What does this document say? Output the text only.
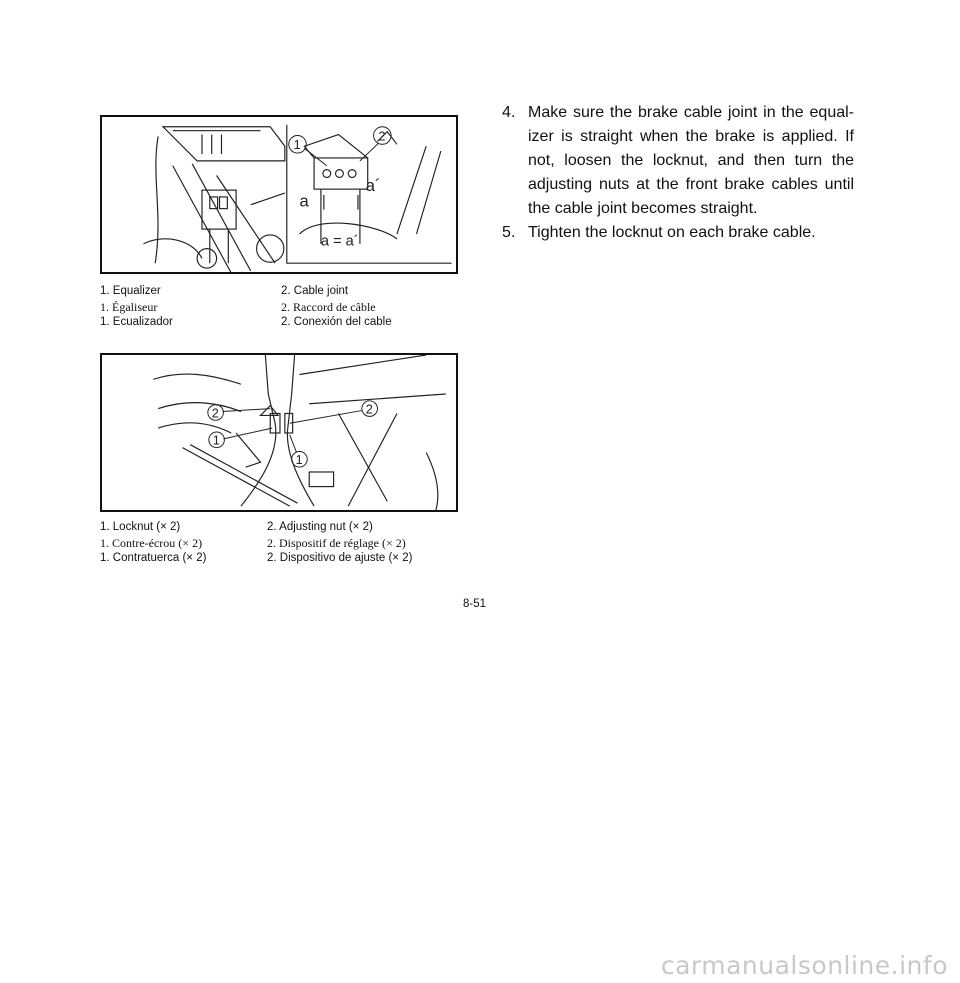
1
2
a
a´
a = a´
1. Equalizer	2. Cable joint
1. Égaliseur	2. Raccord de câble
1. Ecualizador	2. Conexión del cable
2	2
1
1
1. Locknut (× 2)	2. Adjusting nut (× 2)
1. Contre-écrou (× 2)	2. Dispositif de réglage (× 2)
1. Contratuerca (× 2)	2. Dispositivo de ajuste (× 2)
8-51
4. Make sure the brake cable joint in the equal-izer is straight when the brake is applied. If not, loosen the locknut, and then turn the adjusting nuts at the front brake cables until the cable joint becomes straight.
5. Tighten the locknut on each brake cable.
carmanualsonline.info
